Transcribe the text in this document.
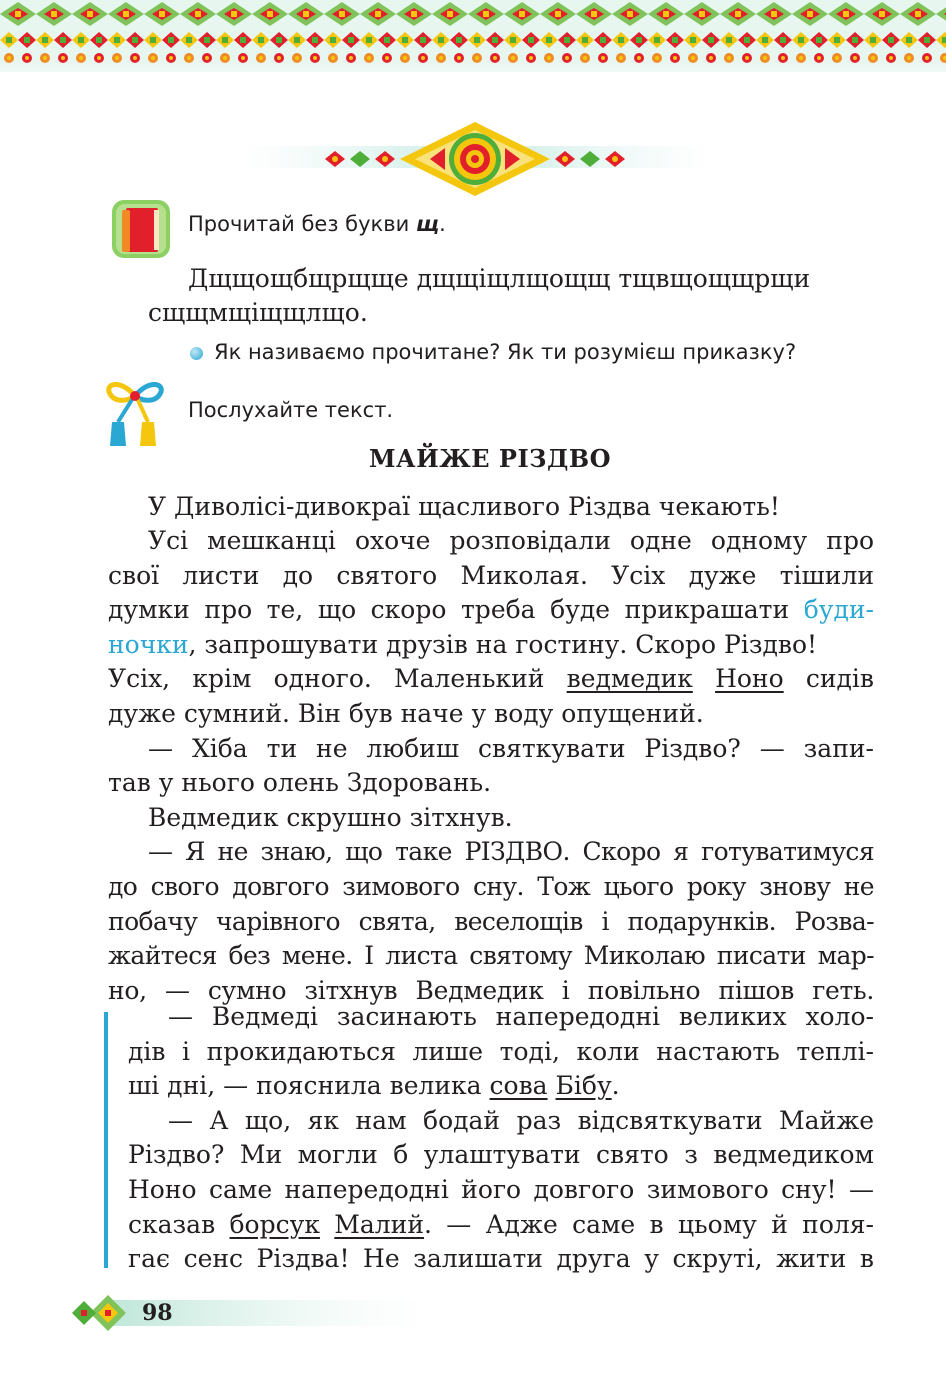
Прочитай без букви щ.
Дщщощбщрщще дщщіщлщощщ тщвщощщрщи
сщщмщіщщлщо.
Як називаємо прочитане? Як ти розумієш приказку?
Послухайте текст.
МАЙЖЕ РІЗДВО
У Диволісі-дивокраї щасливого Різдва чекають!
Усі мешканці охоче розповідали одне одному про
свої листи до святого Миколая. Усіх дуже тішили
думки про те, що скоро треба буде прикрашати буди-
ночки, запрошувати друзів на гостину. Скоро Різдво!
Усіх, крім одного. Маленький ведмедик Ноно сидів
дуже сумний. Він був наче у воду опущений.
— Хіба ти не любиш святкувати Різдво? — запи-
тав у нього олень Здоровань.
Ведмедик скрушно зітхнув.
— Я не знаю, що таке РІЗДВО. Скоро я готуватимуся
до свого довгого зимового сну. Тож цього року знову не
побачу чарівного свята, веселощів і подарунків. Розва-
жайтеся без мене. І листа святому Миколаю писати мар-
но, — сумно зітхнув Ведмедик і повільно пішов геть.
— Ведмеді засинають напередодні великих холо-
дів і прокидаються лише тоді, коли настають теплі-
ші дні, — пояснила велика сова Бібу.
— А що, як нам бодай раз відсвяткувати Майже
Різдво? Ми могли б улаштувати свято з ведмедиком
Ноно саме напередодні його довгого зимового сну! —
сказав борсук Малий. — Адже саме в цьому й поля-
гає сенс Різдва! Не залишати друга у скруті, жити в
98
